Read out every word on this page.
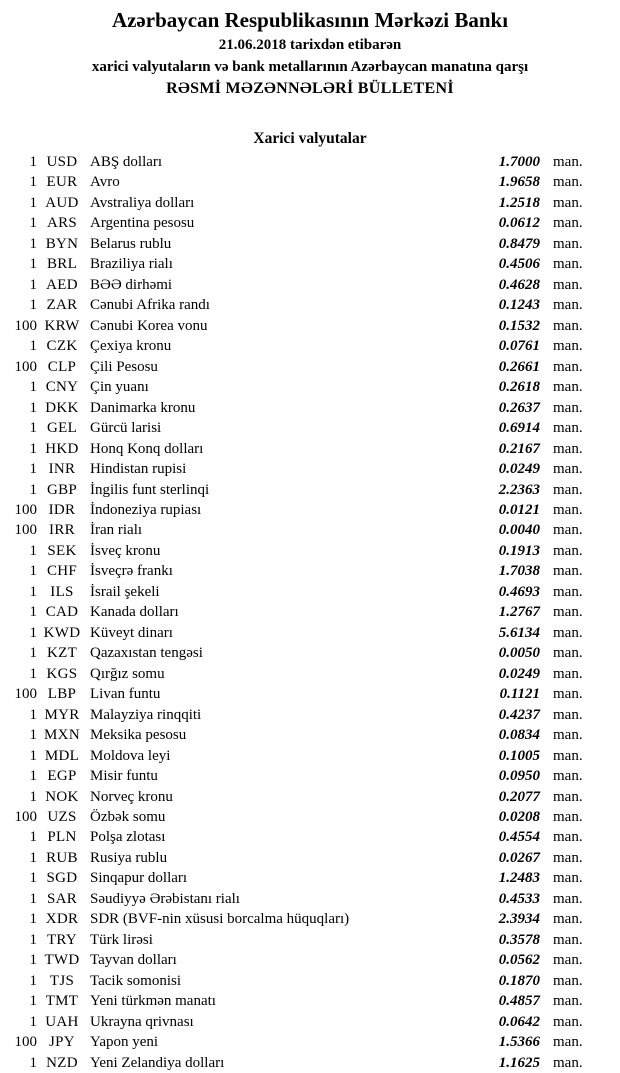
Azərbaycan Respublikasının Mərkəzi Bankı
21.06.2018 tarixdən etibarən
xarici valyutaların və bank metallarının Azərbaycan manatına qarşı
RƏSMİ MƏZƏNNƏLƏRİ BÜLLETENİ
Xarici valyutalar
1 USD ABŞ dolları	1.7000 man.
1 EUR Avro	1.9658 man.
1 AUD Avstraliya dolları	1.2518 man.
1 ARS Argentina pesosu	0.0612 man.
1 BYN Belarus rublu	0.8479 man.
1 BRL Braziliya rialı	0.4506 man.
1 AED BƏƏ dirhəmi	0.4628 man.
1 ZAR Cənubi Afrika randı	0.1243 man.
100 KRW Cənubi Korea vonu	0.1532 man.
1 CZK Çexiya kronu	0.0761 man.
100 CLP Çili Pesosu	0.2661 man.
1 CNY Çin yuanı	0.2618 man.
1 DKK Danimarka kronu	0.2637 man.
1 GEL Gürcü larisi	0.6914 man.
1 HKD Honq Konq dolları	0.2167 man.
1 INR Hindistan rupisi	0.0249 man.
1 GBP İngilis funt sterlinqi	2.2363 man.
100 IDR İndoneziya rupiası	0.0121 man.
100 IRR	İran rialı	0.0040 man.
1 SEK İsveç kronu	0.1913 man.
1 CHF İsveçrə frankı	1.7038 man.
1 ILS	İsrail şekeli	0.4693 man.
1 CAD Kanada dolları	1.2767 man.
1 KWD Küveyt dinarı	5.6134 man.
1 KZT Qazaxıstan tengəsi	0.0050 man.
1 KGS Qırğız somu	0.0249 man.
100 LBP Livan funtu	0.1121 man.
1 MYR Malayziya rinqqiti	0.4237 man.
1 MXN Meksika pesosu	0.0834 man.
1 MDL Moldova leyi	0.1005 man.
1 EGP Misir funtu	0.0950 man.
1 NOK Norveç kronu	0.2077 man.
100 UZS Özbək somu	0.0208 man.
1 PLN Polşa zlotası	0.4554 man.
1 RUB Rusiya rublu	0.0267 man.
1 SGD Sinqapur dolları	1.2483 man.
1 SAR Səudiyyə Ərəbistanı rialı	0.4533 man.
1 XDR SDR (BVF-nin xüsusi borcalma hüquqları)	2.3934 man.
1 TRY Türk lirəsi	0.3578 man.
1 TWD Tayvan dolları	0.0562 man.
1 TJS	Tacik somonisi	0.1870 man.
1 TMT Yeni türkmən manatı	0.4857 man.
1 UAH Ukrayna qrivnası	0.0642 man.
100 JPY	Yapon yeni	1.5366 man.
1 NZD Yeni Zelandiya dolları	1.1625 man.
